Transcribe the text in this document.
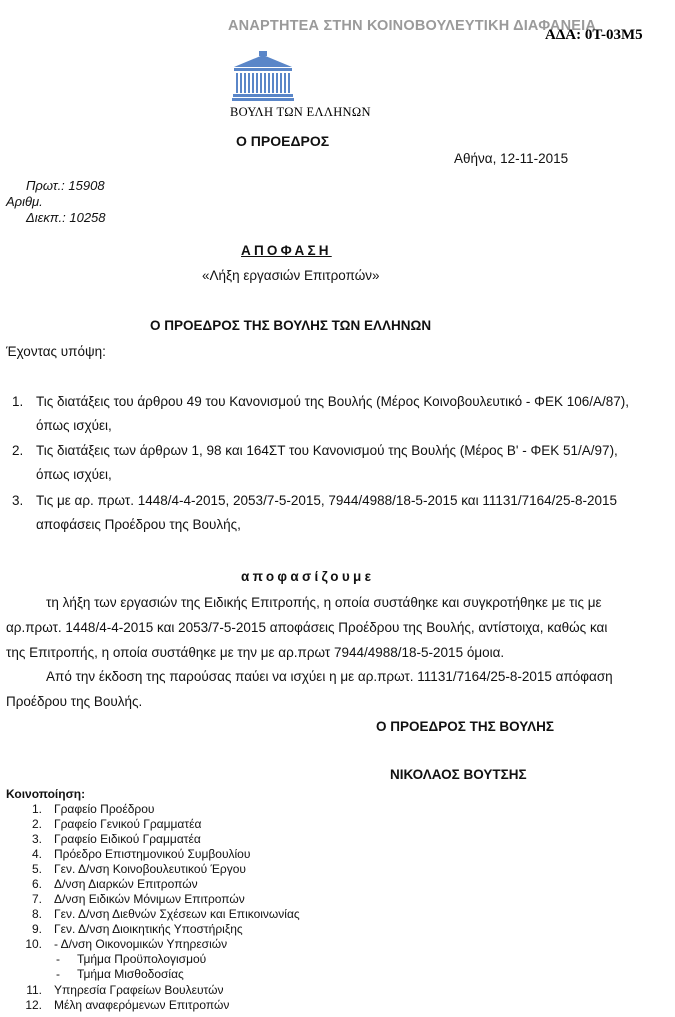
ΑΝΑΡΤΗΤΕΑ ΣΤΗΝ ΚΟΙΝΟΒΟΥΛΕΥΤΙΚΗ ΔΙΑΦΑΝΕΙΑ
ΑΔΑ: 0Τ-03Μ5
ΒΟΥΛΗ ΤΩΝ ΕΛΛΗΝΩΝ
Ο ΠΡΟΕΔΡΟΣ
Αθήνα, 12-11-2015
Πρωτ.: 15908
Αριθμ.
Διεκπ.: 10258
ΑΠΟΦΑΣΗ
«Λήξη εργασιών Επιτροπών»
Ο ΠΡΟΕΔΡΟΣ ΤΗΣ ΒΟΥΛΗΣ ΤΩΝ ΕΛΛΗΝΩΝ
Έχοντας υπόψη:
1. Τις διατάξεις του άρθρου 49 του Κανονισμού της Βουλής (Μέρος Κοινοβουλευτικό - ΦΕΚ 106/Α/87),
όπως ισχύει,
2. Τις διατάξεις των άρθρων 1, 98 και 164ΣΤ του Κανονισμού της Βουλής (Μέρος Β' - ΦΕΚ 51/Α/97),
όπως ισχύει,
3. Τις με αρ. πρωτ. 1448/4-4-2015, 2053/7-5-2015, 7944/4988/18-5-2015 και 11131/7164/25-8-2015
αποφάσεις Προέδρου της Βουλής,
αποφασίζουμε
τη λήξη των εργασιών της Ειδικής Επιτροπής, η οποία συστάθηκε και συγκροτήθηκε με τις με
αρ.πρωτ. 1448/4-4-2015 και 2053/7-5-2015 αποφάσεις Προέδρου της Βουλής, αντίστοιχα, καθώς και
της Επιτροπής, η οποία συστάθηκε με την με αρ.πρωτ 7944/4988/18-5-2015 όμοια.
Από την έκδοση της παρούσας παύει να ισχύει η με αρ.πρωτ. 11131/7164/25-8-2015 απόφαση
Προέδρου της Βουλής.
Ο ΠΡΟΕΔΡΟΣ ΤΗΣ ΒΟΥΛΗΣ
ΝΙΚΟΛΑΟΣ ΒΟΥΤΣΗΣ
Κοινοποίηση:
1. Γραφείο Προέδρου
2. Γραφείο Γενικού Γραμματέα
3. Γραφείο Ειδικού Γραμματέα
4. Πρόεδρο Επιστημονικού Συμβουλίου
5. Γεν. Δ/νση Κοινοβουλευτικού Έργου
6. Δ/νση Διαρκών Επιτροπών
7. Δ/νση Ειδικών Μόνιμων Επιτροπών
8. Γεν. Δ/νση Διεθνών Σχέσεων και Επικοινωνίας
9. Γεν. Δ/νση Διοικητικής Υποστήριξης
10. - Δ/νση Οικονομικών Υπηρεσιών
- Τμήμα Προϋπολογισμού
- Τμήμα Μισθοδοσίας
11. Υπηρεσία Γραφείων Βουλευτών
12. Μέλη αναφερόμενων Επιτροπών
